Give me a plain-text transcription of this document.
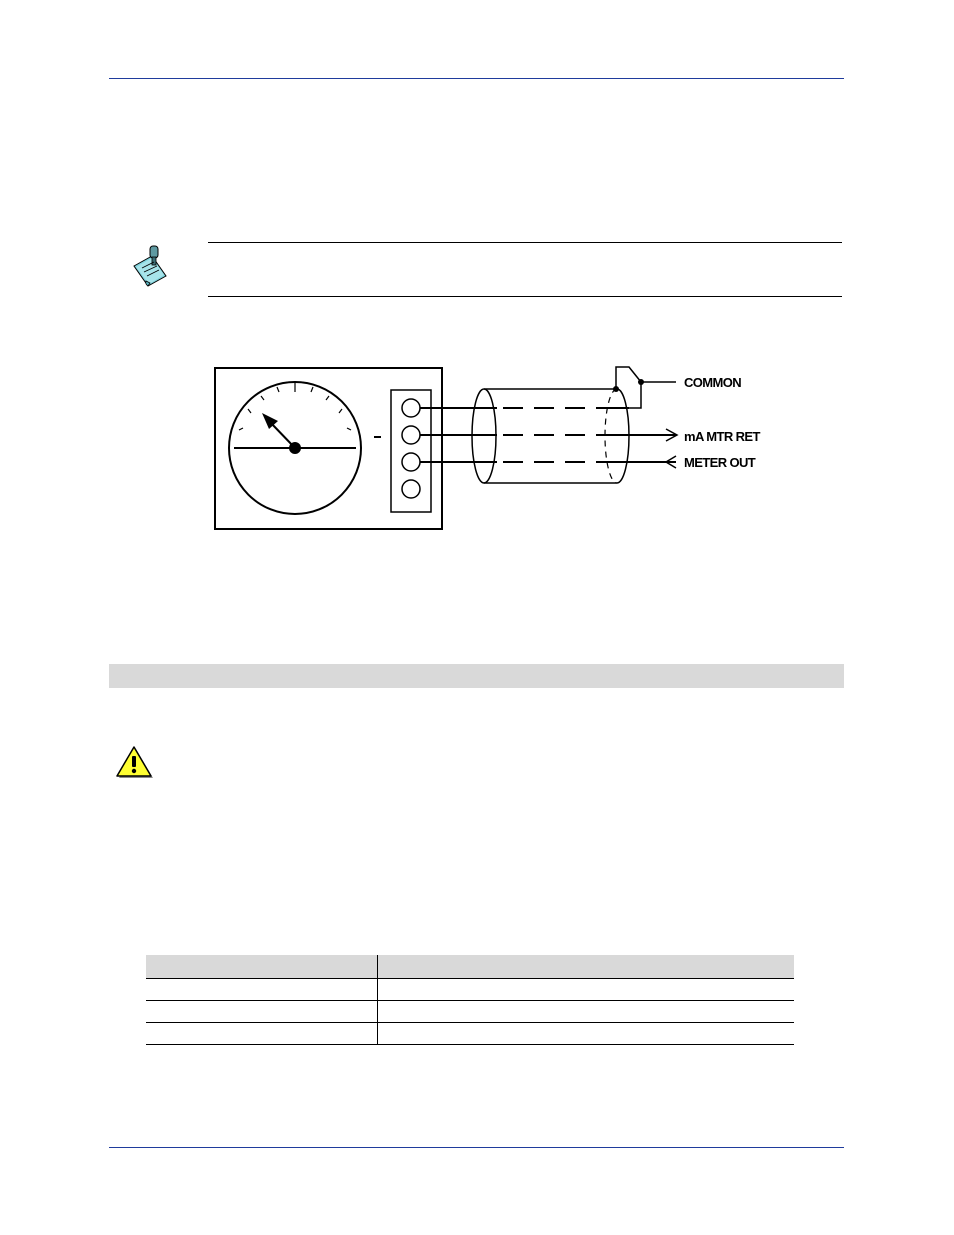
COMMON
mA MTR RET
METER OUT
